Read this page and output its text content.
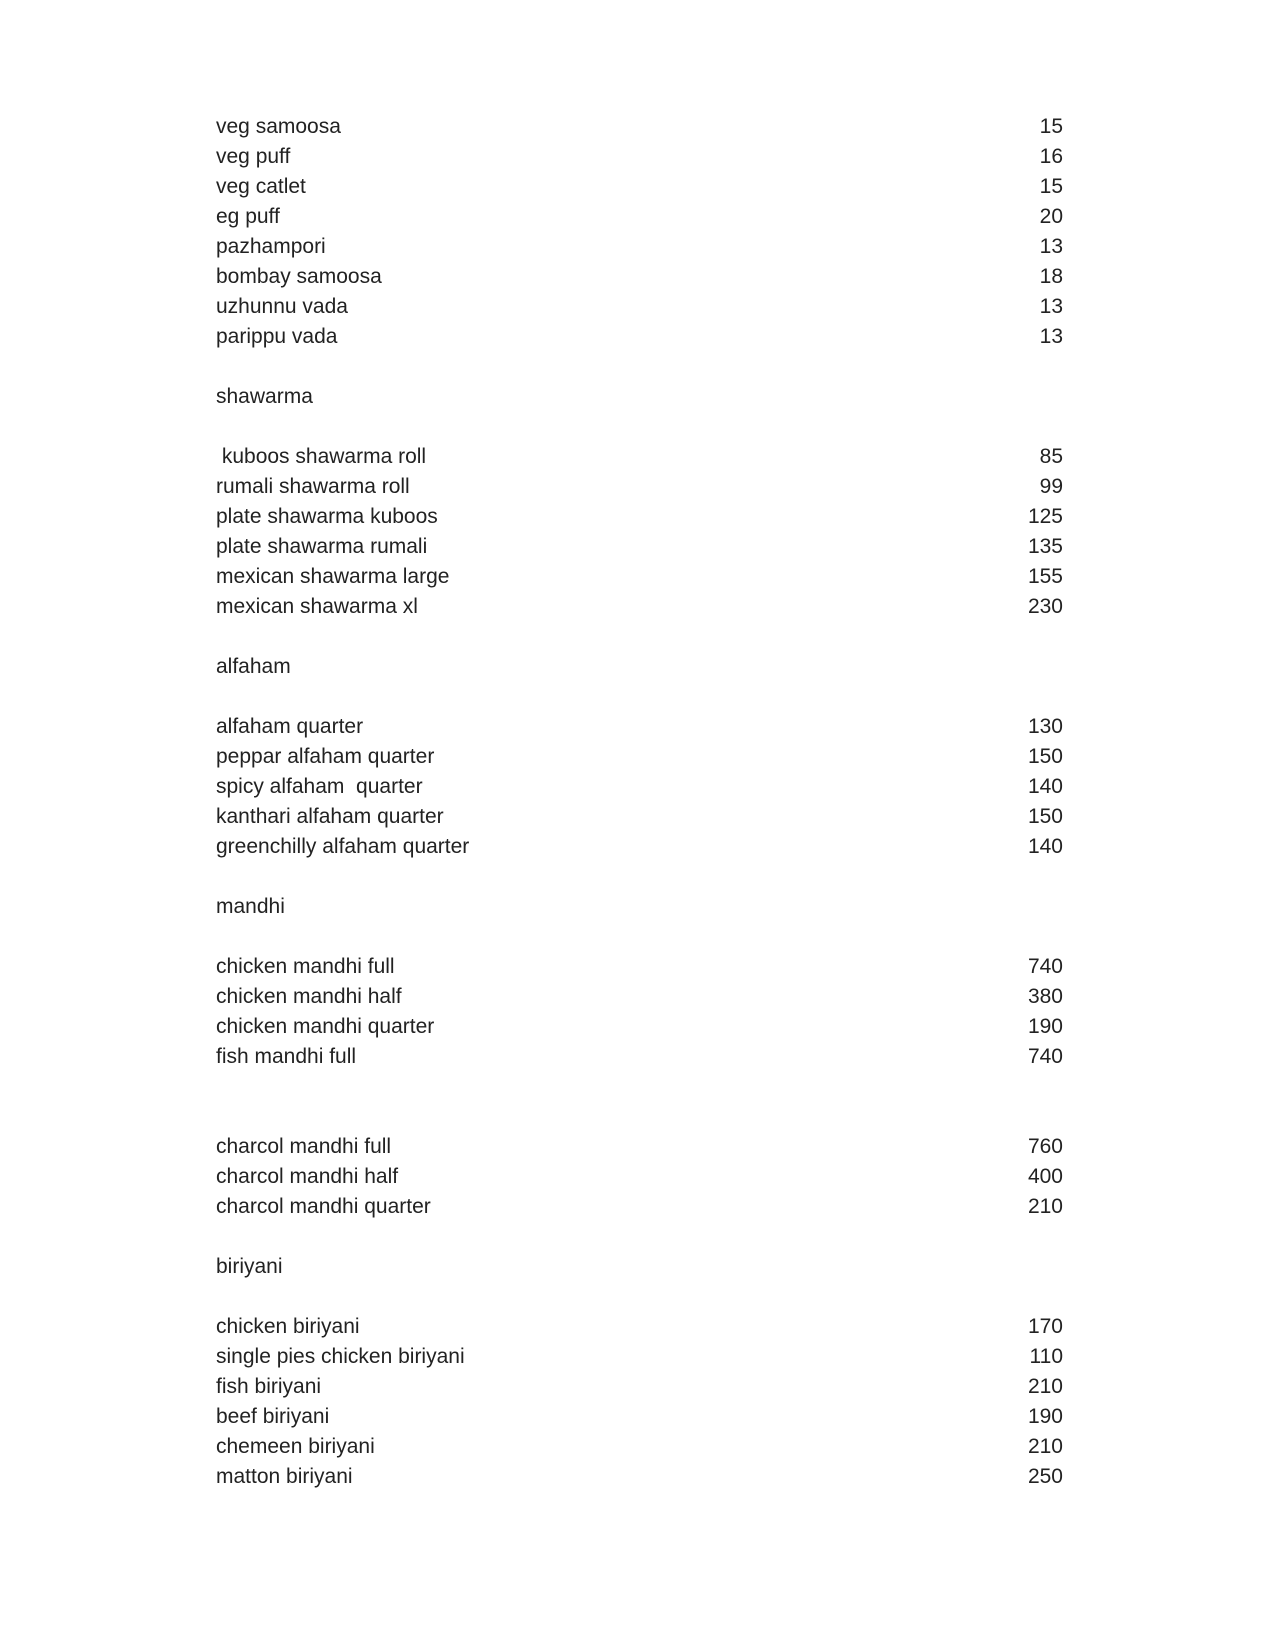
veg samoosa	15
veg puff	16
veg catlet	15
eg puff	20
pazhampori	13
bombay samoosa	18
uzhunnu vada	13
parippu vada	13
shawarma
kuboos shawarma roll	85
rumali shawarma roll	99
plate shawarma kuboos	125
plate shawarma rumali	135
mexican shawarma large	155
mexican shawarma xl	230
alfaham
alfaham quarter	130
peppar alfaham quarter	150
spicy alfaham  quarter	140
kanthari alfaham quarter	150
greenchilly alfaham quarter	140
mandhi
chicken mandhi full	740
chicken mandhi half	380
chicken mandhi quarter	190
fish mandhi full	740
charcol mandhi full	760
charcol mandhi half	400
charcol mandhi quarter	210
biriyani
chicken biriyani	170
single pies chicken biriyani	110
fish biriyani	210
beef biriyani	190
chemeen biriyani	210
matton biriyani	250
